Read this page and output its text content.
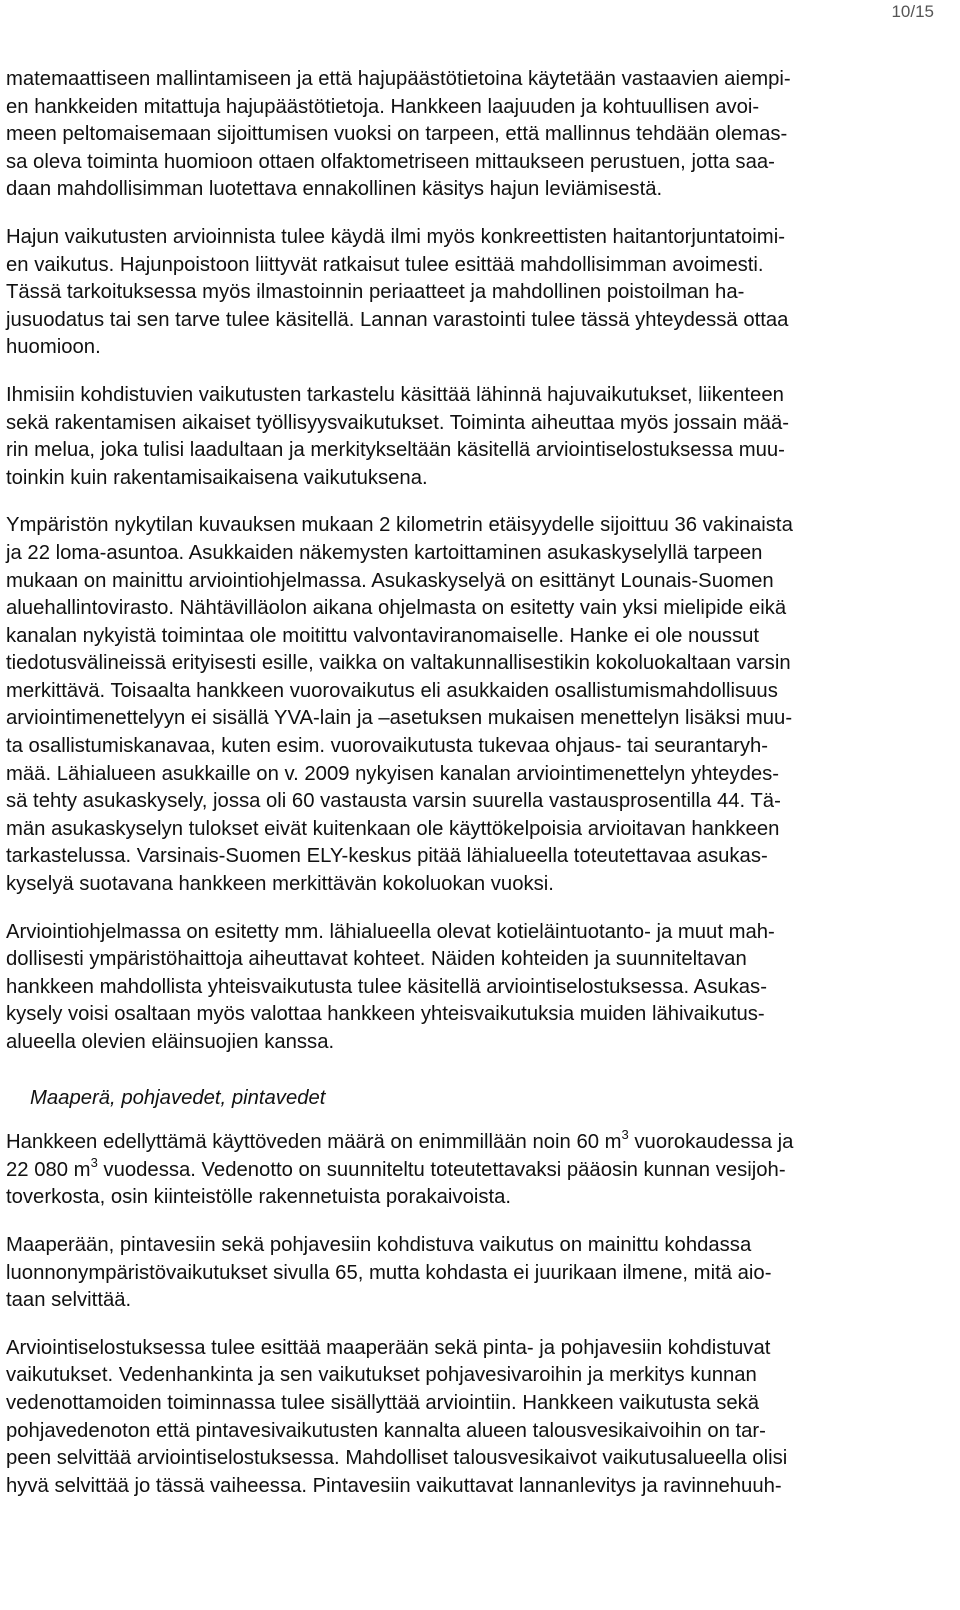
10/15

matemaattiseen mallintamiseen ja että hajupäästötietoina käytetään vastaavien aiempi-
en hankkeiden mitattuja hajupäästötietoja. Hankkeen laajuuden ja kohtuullisen avoi-
meen peltomaisemaan sijoittumisen vuoksi on tarpeen, että mallinnus tehdään olemas-
sa oleva toiminta huomioon ottaen olfaktometriseen mittaukseen perustuen, jotta saa-
daan mahdollisimman luotettava ennakollinen käsitys hajun leviämisestä.

Hajun vaikutusten arvioinnista tulee käydä ilmi myös konkreettisten haitantorjuntatoimi-
en vaikutus. Hajunpoistoon liittyvät ratkaisut tulee esittää mahdollisimman avoimesti.
Tässä tarkoituksessa myös ilmastoinnin periaatteet ja mahdollinen poistoilman ha-
jusuodatus tai sen tarve tulee käsitellä. Lannan varastointi tulee tässä yhteydessä ottaa
huomioon.

Ihmisiin kohdistuvien vaikutusten tarkastelu käsittää lähinnä hajuvaikutukset, liikenteen
sekä rakentamisen aikaiset työllisyysvaikutukset. Toiminta aiheuttaa myös jossain mää-
rin melua, joka tulisi laadultaan ja merkitykseltään käsitellä arviointiselostuksessa muu-
toinkin kuin rakentamisaikaisena vaikutuksena.

Ympäristön nykytilan kuvauksen mukaan 2 kilometrin etäisyydelle sijoittuu 36 vakinaista
ja 22 loma-asuntoa. Asukkaiden näkemysten kartoittaminen asukaskyselyllä tarpeen
mukaan on mainittu arviointiohjelmassa. Asukaskyselyä on esittänyt Lounais-Suomen
aluehallintovirasto. Nähtävilläolon aikana ohjelmasta on esitetty vain yksi mielipide eikä
kanalan nykyistä toimintaa ole moitittu valvontaviranomaiselle. Hanke ei ole noussut
tiedotusvälineissä erityisesti esille, vaikka on valtakunnallisestikin kokoluokaltaan varsin
merkittävä. Toisaalta hankkeen vuorovaikutus eli asukkaiden osallistumismahdollisuus
arviointimenettelyyn ei sisällä YVA-lain ja –asetuksen mukaisen menettelyn lisäksi muu-
ta osallistumiskanavaa, kuten esim. vuorovaikutusta tukevaa ohjaus- tai seurantaryh-
mää. Lähialueen asukkaille on v. 2009 nykyisen kanalan arviointimenettelyn yhteydes-
sä tehty asukaskysely, jossa oli 60 vastausta varsin suurella vastausprosentilla 44. Tä-
män asukaskyselyn tulokset eivät kuitenkaan ole käyttökelpoisia arvioitavan hankkeen
tarkastelussa. Varsinais-Suomen ELY-keskus pitää lähialueella toteutettavaa asukas-
kyselyä suotavana hankkeen merkittävän kokoluokan vuoksi.

Arviointiohjelmassa on esitetty mm. lähialueella olevat kotieläintuotanto- ja muut mah-
dollisesti ympäristöhaittoja aiheuttavat kohteet. Näiden kohteiden ja suunniteltavan
hankkeen mahdollista yhteisvaikutusta tulee käsitellä arviointiselostuksessa. Asukas-
kysely voisi osaltaan myös valottaa hankkeen yhteisvaikutuksia muiden lähivaikutus-
alueella olevien eläinsuojien kanssa.

Maaperä, pohjavedet, pintavedet

Hankkeen edellyttämä käyttöveden määrä on enimmillään noin 60 $m^3$ vuorokaudessa ja
22 080 $m^3$ vuodessa. Vedenotto on suunniteltu toteutettavaksi pääosin kunnan vesijoh-
toverkosta, osin kiinteistölle rakennetuista porakaivoista.

Maaperään, pintavesiin sekä pohjavesiin kohdistuva vaikutus on mainittu kohdassa
luonnonympäristövaikutukset sivulla 65, mutta kohdasta ei juurikaan ilmene, mitä aio-
taan selvittää.

Arviointiselostuksessa tulee esittää maaperään sekä pinta- ja pohjavesiin kohdistuvat
vaikutukset. Vedenhankinta ja sen vaikutukset pohjavesivaroihin ja merkitys kunnan
vedenottamoiden toiminnassa tulee sisällyttää arviointiin. Hankkeen vaikutusta sekä
pohjavedenoton että pintavesivaikutusten kannalta alueen talousvesikaivoihin on tar-
peen selvittää arviointiselostuksessa. Mahdolliset talousvesikaivot vaikutusalueella olisi
hyvä selvittää jo tässä vaiheessa. Pintavesiin vaikuttavat lannanlevitys ja ravinnehuuh-
